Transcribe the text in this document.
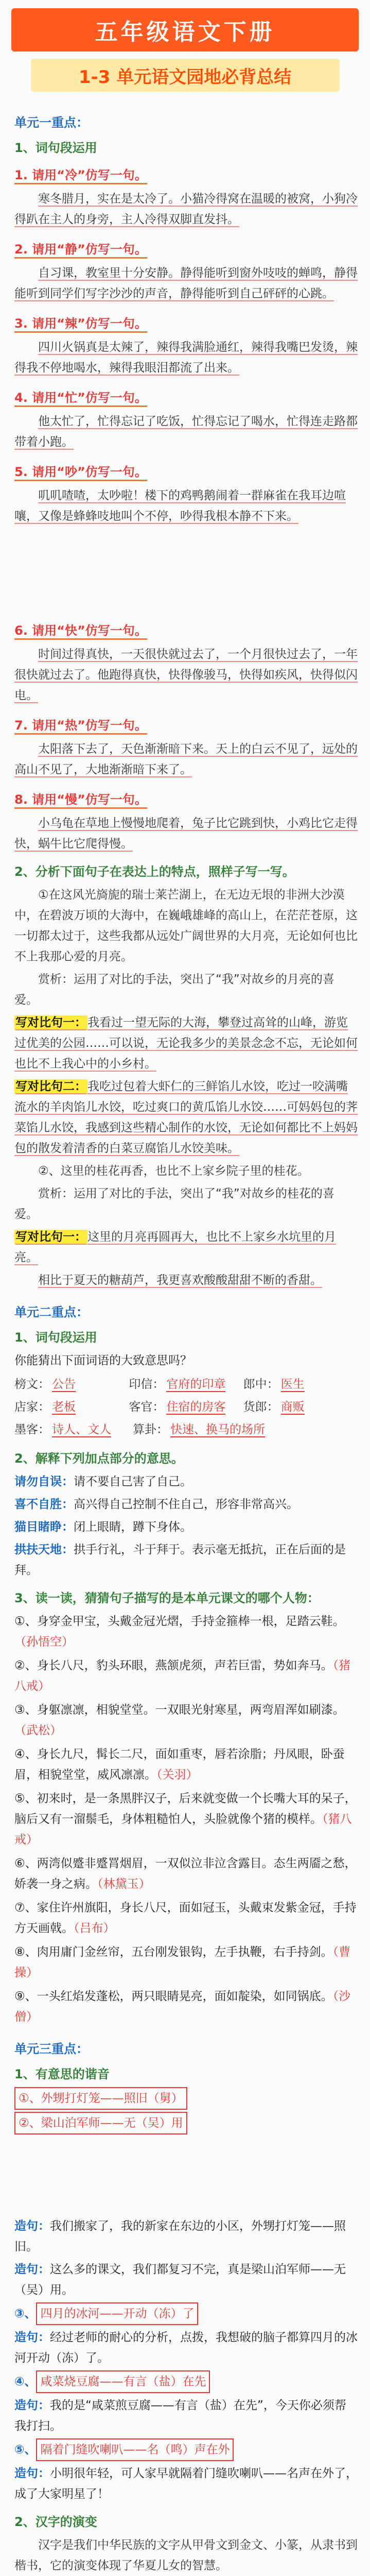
五年级语文下册
1-3 单元语文园地必背总结
单元一重点：
1、词句段运用
1. 请用“冷”仿写一句。

寒冬腊月，实在是太冷了。小猫冷得窝在温暖的被窝，小狗冷得趴在主人的身旁，主人冷得双脚直发抖。

2. 请用“静”仿写一句。

自习课，教室里十分安静。静得能听到窗外吱吱的蝉鸣，静得能听到同学们写字沙沙的声音，静得能听到自己砰砰的心跳。

3. 请用“辣”仿写一句。

四川火锅真是太辣了，辣得我满脸通红，辣得我嘴巴发烫，辣得我不停地喝水，辣得我眼泪都流了出来。

4. 请用“忙”仿写一句。

他太忙了，忙得忘记了吃饭，忙得忘记了喝水，忙得连走路都带着小跑。

5. 请用“吵”仿写一句。

叽叽喳喳，太吵啦！楼下的鸡鸭鹅闹着一群麻雀在我耳边喧嚷，又像是蜂蜂吱地叫个不停，吵得我根本静不下来。

6. 请用“快”仿写一句。

时间过得真快，一天很快就过去了，一个月很快过去了，一年很快就过去了。他跑得真快，快得像骏马，快得如疾风，快得似闪电。

7. 请用“热”仿写一句。

太阳落下去了，天色渐渐暗下来。天上的白云不见了，远处的高山不见了，大地渐渐暗下来了。

8. 请用“慢”仿写一句。

小乌龟在草地上慢慢地爬着，兔子比它跳到快，小鸡比它走得快，蜗牛比它爬得慢。

2、分析下面句子在表达上的特点，照样子写一写。

①在这风光旖旎的瑞士莱芒湖上，在无边无垠的非洲大沙漠中，在碧波万顷的大海中，在巍峨雄峰的高山上，在茫茫苍原，这一切都太过于，这些我都从远处广阔世界的大月亮，无论如何也比不上我那心爱的月亮。

赏析：运用了对比的手法，突出了“我”对故乡的月亮的喜爱。

写对比句一：我看过一望无际的大海，攀登过高耸的山峰，游览过优美的公园……可以说，无论我多少的美景念念不忘，无论如何也比不上我心中的小乡村。

写对比句二：我吃过包着大虾仁的三鲜馅儿水饺，吃过一咬满嘴流水的羊肉馅儿水饺，吃过爽口的黄瓜馅儿水饺……可妈妈包的荠菜馅儿水饺，我感到这些精心制作的水饺，无论如何都比不上妈妈包的散发着清香的白菜豆腐馅儿水饺美味。

②、这里的桂花再香，也比不上家乡院子里的桂花。

赏析：运用了对比的手法，突出了“我”对故乡的桂花的喜爱。

写对比句一：这里的月亮再圆再大，也比不上家乡水坑里的月亮。

相比于夏天的糖葫芦，我更喜欢酸酸甜甜不断的香甜。

单元二重点：
1、词句段运用
你能猜出下面词语的大致意思吗？
榜文： 公告	印信： 官府的印章	郎中： 医生
店家： 老板	客官： 住宿的房客	货郎： 商贩
墨客： 诗人、文人	算卦： 快速、换马的场所
2、解释下列加点部分的意思。
请勿自误：请不要自己害了自己。
喜不自胜：高兴得自己控制不住自己，形容非常高兴。
猫目睹睁：闭上眼睛，蹲下身体。
拱扶天地：拱手行礼，斗于拜于。表示毫无抵抗，正在后面的是拜。
3、读一读，猜猜句子描写的是本单元课文的哪个人物：
①、身穿金甲宝，头戴金冠光熠，手持金箍棒一根，足踏云鞋。（孙悟空）
②、身长八尺，豹头环眼，燕颔虎须，声若巨雷，势如奔马。（猪八戒）
③、身躯凛凛，相貌堂堂。一双眼光射寒星，两弯眉浑如刷漆。（武松）
④、身长九尺，髯长二尺，面如重枣，唇若涂脂；丹凤眼，卧蚕眉，相貌堂堂，威风凛凛。（关羽）
⑤、初来时，是一条黑胖汉子，后来就变做一个长嘴大耳的呆子，脑后又有一溜鬃毛，身体粗糙怕人，头脸就像个猪的模样。（猪八戒）
⑥、两湾似蹙非蹙罥烟眉，一双似泣非泣含露目。态生两靥之愁，娇袭一身之病。（林黛玉）
⑦、家住许州旗阳，身长八尺，面如冠玉，头戴束发紫金冠，手持方天画戟。（吕布）
⑧、肉用庸门金丝帘，五台刚发银钩，左手执鞭，右手持剑。（曹操）
⑨、一头红焰发蓬松，两只眼睛晃亮，面如靛染，如同锅底。（沙僧）
单元三重点：
1、有意思的谐音
①、外甥打灯笼——照旧（舅）
②、梁山泊军师——无（吴）用
造句：我们搬家了，我的新家在东边的小区，外甥打灯笼——照旧。
造句：这么多的课文，我们都复习不完，真是梁山泊军师——无（吴）用。
③、 四月的冰河——开动（冻）了
造句：经过老师的耐心的分析，点拨，我想破的脑子都算四月的冰河开动（冻）了。
④、 咸菜烧豆腐——有言（盐）在先
造句：我的是“咸菜煎豆腐——有言（盐）在先”，今天你必须帮我打扫。
⑤、 隔着门缝吹喇叭——名（鸣）声在外
造句：小明很年轻，可人家早就隔着门缝吹喇叭——名声在外了，成了大家明星了！
2、汉字的演变

汉字是我们中华民族的文字从甲骨文到金文、小篆，从隶书到楷书，它的演变体现了华夏儿女的智慧。
